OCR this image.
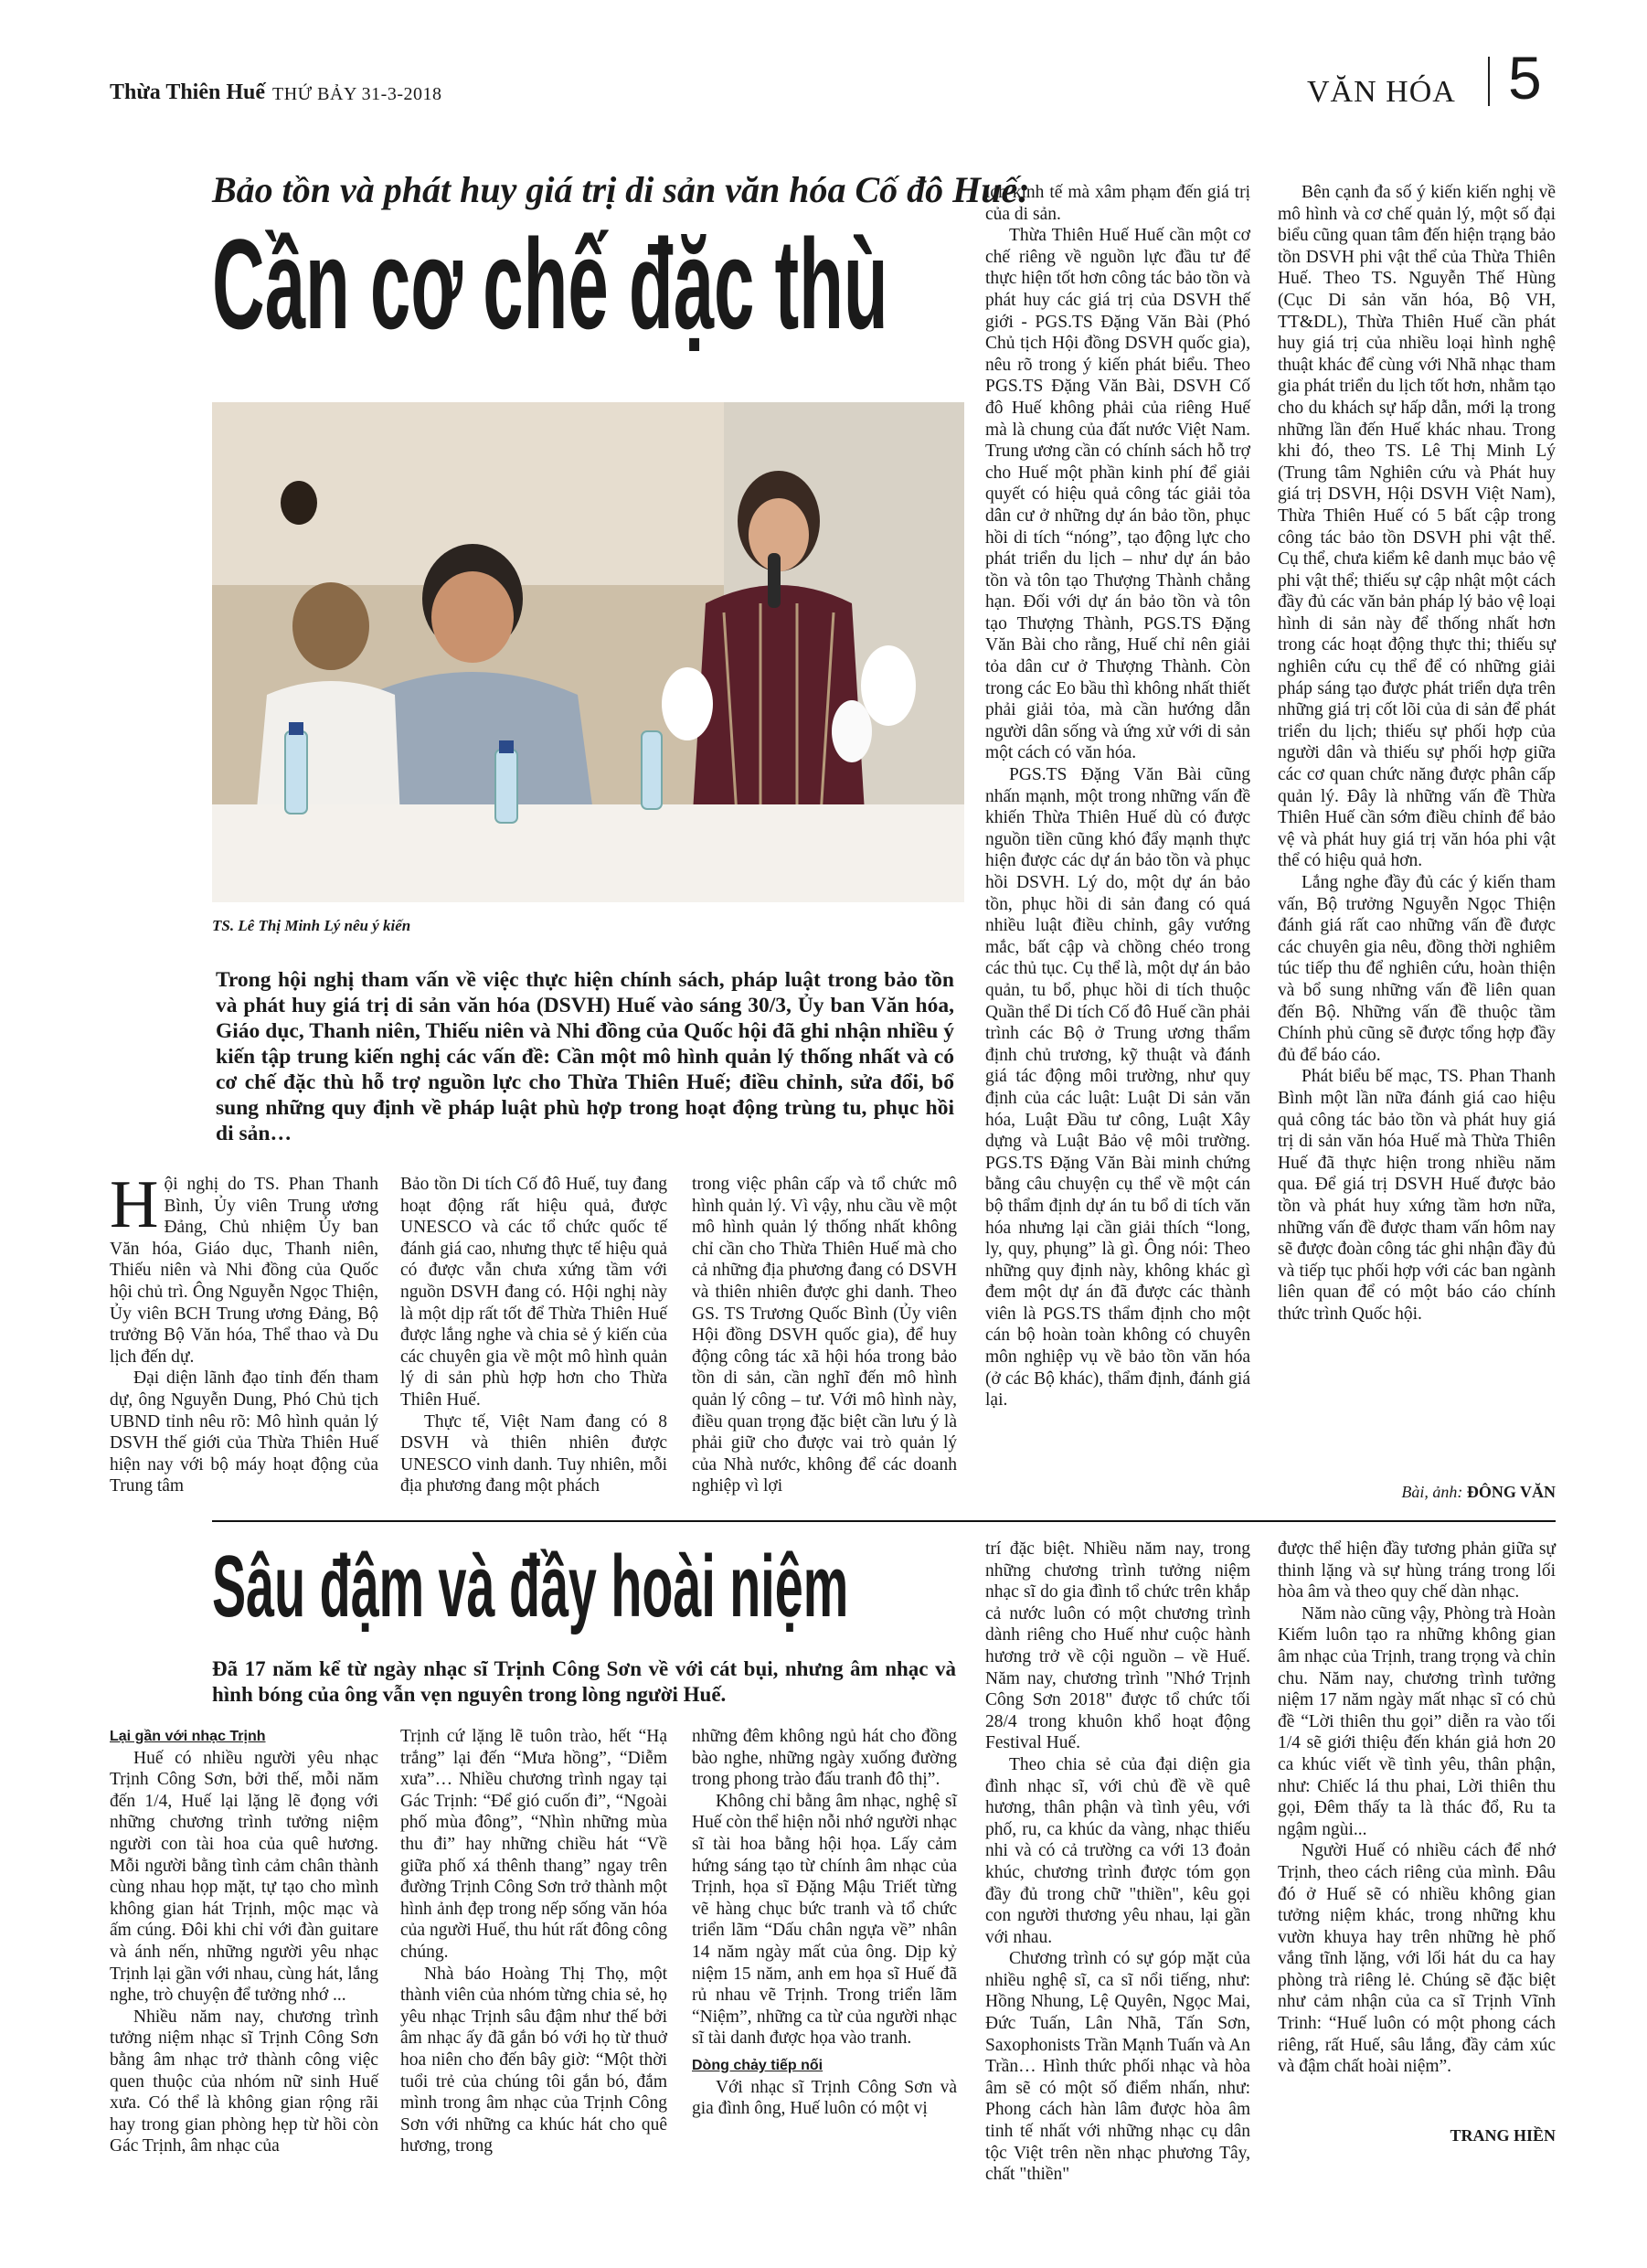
Thừa Thiên Huế THỨ BẢY 31-3-2018	VĂN HÓA 5
Bảo tồn và phát huy giá trị di sản văn hóa Cố đô Huế:
Cần cơ chế đặc thù
TS. Lê Thị Minh Lý nêu ý kiến
Trong hội nghị tham vấn về việc thực hiện chính sách, pháp luật trong bảo tồn và phát huy giá trị di sản văn hóa (DSVH) Huế vào sáng 30/3, Ủy ban Văn hóa, Giáo dục, Thanh niên, Thiếu niên và Nhi đồng của Quốc hội đã ghi nhận nhiều ý kiến tập trung kiến nghị các vấn đề: Cần một mô hình quản lý thống nhất và có cơ chế đặc thù hỗ trợ nguồn lực cho Thừa Thiên Huế; điều chỉnh, sửa đổi, bổ sung những quy định về pháp luật phù hợp trong hoạt động trùng tu, phục hồi di sản…

ích kinh tế mà xâm phạm đến giá trị của di sản.

Thừa Thiên Huế Huế cần một cơ chế riêng về nguồn lực đầu tư để thực hiện tốt hơn công tác bảo tồn và phát huy các giá trị của DSVH thế giới - PGS.TS Đặng Văn Bài (Phó Chủ tịch Hội đồng DSVH quốc gia), nêu rõ trong ý kiến phát biểu. Theo PGS.TS Đặng Văn Bài, DSVH Cố đô Huế không phải của riêng Huế mà là chung của đất nước Việt Nam. Trung ương cần có chính sách hỗ trợ cho Huế một phần kinh phí để giải quyết có hiệu quả công tác giải tỏa dân cư ở những dự án bảo tồn, phục hồi di tích “nóng”, tạo động lực cho phát triển du lịch – như dự án bảo tồn và tôn tạo Thượng Thành chẳng hạn. Đối với dự án bảo tồn và tôn tạo Thượng Thành, PGS.TS Đặng Văn Bài cho rằng, Huế chỉ nên giải tỏa dân cư ở Thượng Thành. Còn trong các Eo bầu thì không nhất thiết phải giải tỏa, mà cần hướng dẫn người dân sống và ứng xử với di sản một cách có văn hóa.

PGS.TS Đặng Văn Bài cũng nhấn mạnh, một trong những vấn đề khiến Thừa Thiên Huế dù có được nguồn tiền cũng khó đẩy mạnh thực hiện được các dự án bảo tồn và phục hồi DSVH. Lý do, một dự án bảo tồn, phục hồi di sản đang có quá nhiều luật điều chỉnh, gây vướng mắc, bất cập và chồng chéo trong các thủ tục. Cụ thể là, một dự án bảo quản, tu bổ, phục hồi di tích thuộc Quần thể Di tích Cố đô Huế cần phải trình các Bộ ở Trung ương thẩm định chủ trương, kỹ thuật và đánh giá tác động môi trường, như quy định của các luật: Luật Di sản văn hóa, Luật Đầu tư công, Luật Xây dựng và Luật Bảo vệ môi trường. PGS.TS Đặng Văn Bài minh chứng bằng câu chuyện cụ thể về một cán bộ thẩm định dự án tu bổ di tích văn hóa nhưng lại cần giải thích “long, ly, quy, phụng” là gì. Ông nói: Theo những quy định này, không khác gì đem một dự án đã được các thành viên là PGS.TS thẩm định cho một cán bộ hoàn toàn không có chuyên môn nghiệp vụ về bảo tồn văn hóa (ở các Bộ khác), thẩm định, đánh giá lại.

Bên cạnh đa số ý kiến kiến nghị về mô hình và cơ chế quản lý, một số đại biểu cũng quan tâm đến hiện trạng bảo tồn DSVH phi vật thể của Thừa Thiên Huế. Theo TS. Nguyễn Thế Hùng (Cục Di sản văn hóa, Bộ VH, TT&DL), Thừa Thiên Huế cần phát huy giá trị của nhiều loại hình nghệ thuật khác để cùng với Nhã nhạc tham gia phát triển du lịch tốt hơn, nhằm tạo cho du khách sự hấp dẫn, mới lạ trong những lần đến Huế khác nhau. Trong khi đó, theo TS. Lê Thị Minh Lý (Trung tâm Nghiên cứu và Phát huy giá trị DSVH, Hội DSVH Việt Nam), Thừa Thiên Huế có 5 bất cập trong công tác bảo tồn DSVH phi vật thể. Cụ thể, chưa kiểm kê danh mục bảo vệ phi vật thể; thiếu sự cập nhật một cách đầy đủ các văn bản pháp lý bảo vệ loại hình di sản này để thống nhất hơn trong các hoạt động thực thi; thiếu sự nghiên cứu cụ thể để có những giải pháp sáng tạo được phát triển dựa trên những giá trị cốt lõi của di sản để phát triển du lịch; thiếu sự phối hợp của người dân và thiếu sự phối hợp giữa các cơ quan chức năng được phân cấp quản lý. Đây là những vấn đề Thừa Thiên Huế cần sớm điều chỉnh để bảo vệ và phát huy giá trị văn hóa phi vật thể có hiệu quả hơn.

Lắng nghe đầy đủ các ý kiến tham vấn, Bộ trưởng Nguyễn Ngọc Thiện đánh giá rất cao những vấn đề được các chuyên gia nêu, đồng thời nghiêm túc tiếp thu để nghiên cứu, hoàn thiện và bổ sung những vấn đề liên quan đến Bộ. Những vấn đề thuộc tầm Chính phủ cũng sẽ được tổng hợp đầy đủ để báo cáo.

Phát biểu bế mạc, TS. Phan Thanh Bình một lần nữa đánh giá cao hiệu quả công tác bảo tồn và phát huy giá trị di sản văn hóa Huế mà Thừa Thiên Huế đã thực hiện trong nhiều năm qua. Để giá trị DSVH Huế được bảo tồn và phát huy xứng tầm hơn nữa, những vấn đề được tham vấn hôm nay sẽ được đoàn công tác ghi nhận đầy đủ và tiếp tục phối hợp với các ban ngành liên quan để có một báo cáo chính thức trình Quốc hội.

Hội nghị do TS. Phan Thanh Bình, Ủy viên Trung ương Đảng, Chủ nhiệm Ủy ban Văn hóa, Giáo dục, Thanh niên, Thiếu niên và Nhi đồng của Quốc hội chủ trì. Ông Nguyễn Ngọc Thiện, Ủy viên BCH Trung ương Đảng, Bộ trưởng Bộ Văn hóa, Thể thao và Du lịch đến dự.

Đại diện lãnh đạo tỉnh đến tham dự, ông Nguyễn Dung, Phó Chủ tịch UBND tỉnh nêu rõ: Mô hình quản lý DSVH thế giới của Thừa Thiên Huế hiện nay với bộ máy hoạt động của Trung tâm

Bảo tồn Di tích Cố đô Huế, tuy đang hoạt động rất hiệu quả, được UNESCO và các tổ chức quốc tế đánh giá cao, nhưng thực tế hiệu quả có được vẫn chưa xứng tầm với nguồn DSVH đang có. Hội nghị này là một dịp rất tốt để Thừa Thiên Huế được lắng nghe và chia sẻ ý kiến của các chuyên gia về một mô hình quản lý di sản phù hợp hơn cho Thừa Thiên Huế.

Thực tế, Việt Nam đang có 8 DSVH và thiên nhiên được UNESCO vinh danh. Tuy nhiên, mỗi địa phương đang một phách

trong việc phân cấp và tổ chức mô hình quản lý. Vì vậy, nhu cầu về một mô hình quản lý thống nhất không chỉ cần cho Thừa Thiên Huế mà cho cả những địa phương đang có DSVH và thiên nhiên được ghi danh. Theo GS. TS Trương Quốc Bình (Ủy viên Hội đồng DSVH quốc gia), để huy động công tác xã hội hóa trong bảo tồn di sản, cần nghĩ đến mô hình quản lý công – tư. Với mô hình này, điều quan trọng đặc biệt cần lưu ý là phải giữ cho được vai trò quản lý của Nhà nước, không để các doanh nghiệp vì lợi	Bài, ảnh: ĐÔNG VĂN
Sâu đậm và đầy hoài niệm
Đã 17 năm kể từ ngày nhạc sĩ Trịnh Công Sơn về với cát bụi, nhưng âm nhạc và hình bóng của ông vẫn vẹn nguyên trong lòng người Huế.

Lại gần với nhạc Trịnh

Huế có nhiều người yêu nhạc Trịnh Công Sơn, bởi thế, mỗi năm đến 1/4, Huế lại lặng lẽ đọng với những chương trình tưởng niệm người con tài hoa của quê hương. Mỗi người bằng tình cảm chân thành cùng nhau họp mặt, tự tạo cho mình không gian hát Trịnh, mộc mạc và ấm cúng. Đôi khi chỉ với đàn guitare và ánh nến, những người yêu nhạc Trịnh lại gần với nhau, cùng hát, lắng nghe, trò chuyện để tưởng nhớ ...

Nhiều năm nay, chương trình tưởng niệm nhạc sĩ Trịnh Công Sơn bằng âm nhạc trở thành công việc quen thuộc của nhóm nữ sinh Huế xưa. Có thể là không gian rộng rãi hay trong gian phòng hẹp từ hồi còn Gác Trịnh, âm nhạc của

Trịnh cứ lặng lẽ tuôn trào, hết “Hạ trắng” lại đến “Mưa hồng”, “Diễm xưa”… Nhiều chương trình ngay tại Gác Trịnh: “Để gió cuốn đi”, “Ngoài phố mùa đông”, “Nhìn những mùa thu đi” hay những chiều hát “Về giữa phố xá thênh thang” ngay trên đường Trịnh Công Sơn trở thành một hình ảnh đẹp trong nếp sống văn hóa của người Huế, thu hút rất đông công chúng.

Nhà báo Hoàng Thị Thọ, một thành viên của nhóm từng chia sẻ, họ yêu nhạc Trịnh sâu đậm như thế bởi âm nhạc ấy đã gắn bó với họ từ thuở hoa niên cho đến bây giờ: “Một thời tuổi trẻ của chúng tôi gắn bó, đắm mình trong âm nhạc của Trịnh Công Sơn với những ca khúc hát cho quê hương, trong

những đêm không ngủ hát cho đồng bào nghe, những ngày xuống đường trong phong trào đấu tranh đô thị”.

Không chỉ bằng âm nhạc, nghệ sĩ Huế còn thể hiện nỗi nhớ người nhạc sĩ tài hoa bằng hội họa. Lấy cảm hứng sáng tạo từ chính âm nhạc của Trịnh, họa sĩ Đặng Mậu Triết từng vẽ hàng chục bức tranh và tổ chức triển lãm “Dấu chân ngựa về” nhân 14 năm ngày mất của ông. Dịp kỷ niệm 15 năm, anh em họa sĩ Huế đã rủ nhau vẽ Trịnh. Trong triển lãm “Niệm”, những ca từ của người nhạc sĩ tài danh được họa vào tranh.

Dòng chảy tiếp nối

Với nhạc sĩ Trịnh Công Sơn và gia đình ông, Huế luôn có một vị

trí đặc biệt. Nhiều năm nay, trong những chương trình tưởng niệm nhạc sĩ do gia đình tổ chức trên khắp cả nước luôn có một chương trình dành riêng cho Huế như cuộc hành hương trở về cội nguồn – về Huế. Năm nay, chương trình "Nhớ Trịnh Công Sơn 2018" được tổ chức tối 28/4 trong khuôn khổ hoạt động Festival Huế.

Theo chia sẻ của đại diện gia đình nhạc sĩ, với chủ đề về quê hương, thân phận và tình yêu, với phố, ru, ca khúc da vàng, nhạc thiếu nhi và có cả trường ca với 13 đoản khúc, chương trình được tóm gọn đầy đủ trong chữ "thiền", kêu gọi con người thương yêu nhau, lại gần với nhau.

Chương trình có sự góp mặt của nhiều nghệ sĩ, ca sĩ nổi tiếng, như: Hồng Nhung, Lệ Quyên, Ngọc Mai, Đức Tuấn, Lân Nhã, Tấn Sơn, Saxophonists Trần Mạnh Tuấn và An Trần… Hình thức phối nhạc và hòa âm sẽ có một số điểm nhấn, như: Phong cách hàn lâm được hòa âm tinh tế nhất với những nhạc cụ dân tộc Việt trên nền nhạc phương Tây, chất "thiền"

được thể hiện đầy tương phản giữa sự thinh lặng và sự hùng tráng trong lối hòa âm và theo quy chế dàn nhạc.

Năm nào cũng vậy, Phòng trà Hoàn Kiếm luôn tạo ra những không gian âm nhạc của Trịnh, trang trọng và chỉn chu. Năm nay, chương trình tưởng niệm 17 năm ngày mất nhạc sĩ có chủ đề “Lời thiên thu gọi” diễn ra vào tối 1/4 sẽ giới thiệu đến khán giả hơn 20 ca khúc viết về tình yêu, thân phận, như: Chiếc lá thu phai, Lời thiên thu gọi, Đêm thấy ta là thác đổ, Ru ta ngậm ngùi...

Người Huế có nhiều cách để nhớ Trịnh, theo cách riêng của mình. Đâu đó ở Huế sẽ có nhiều không gian tưởng niệm khác, trong những khu vườn khuya hay trên những hè phố vắng tĩnh lặng, với lối hát du ca hay phòng trà riêng lẻ. Chúng sẽ đặc biệt như cảm nhận của ca sĩ Trịnh Vĩnh Trinh: “Huế luôn có một phong cách riêng, rất Huế, sâu lắng, đầy cảm xúc và đậm chất hoài niệm”.

TRANG HIỀN
